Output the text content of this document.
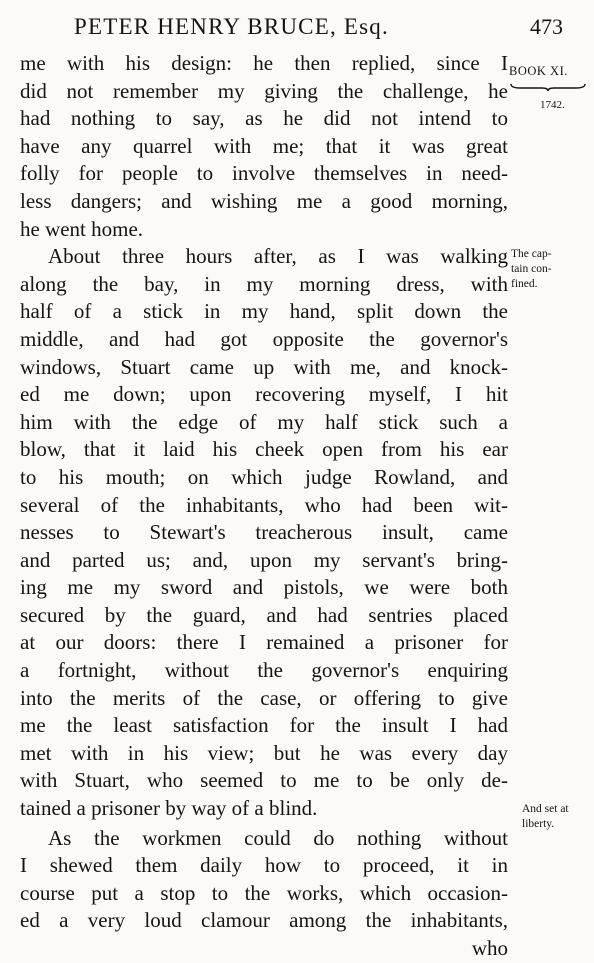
PETER HENRY BRUCE, Esq.	473
BOOK XI.
1742.
The cap-
tain con-
fined.
And set at
liberty.
me with his design: he then replied, since I
did not remember my giving the challenge, he
had nothing to say, as he did not intend to
have any quarrel with me; that it was great
folly for people to involve themselves in need-
less dangers; and wishing me a good morning,
he went home.
About three hours after, as I was walking
along the bay, in my morning dress, with
half of a stick in my hand, split down the
middle, and had got opposite the governor's
windows, Stuart came up with me, and knock-
ed me down; upon recovering myself, I hit
him with the edge of my half stick such a
blow, that it laid his cheek open from his ear
to his mouth; on which judge Rowland, and
several of the inhabitants, who had been wit-
nesses to Stewart's treacherous insult, came
and parted us; and, upon my servant's bring-
ing me my sword and pistols, we were both
secured by the guard, and had sentries placed
at our doors: there I remained a prisoner for
a fortnight, without the governor's enquiring
into the merits of the case, or offering to give
me the least satisfaction for the insult I had
met with in his view; but he was every day
with Stuart, who seemed to me to be only de-
tained a prisoner by way of a blind.
As the workmen could do nothing without
I shewed them daily how to proceed, it in
course put a stop to the works, which occasion-
ed a very loud clamour among the inhabitants,
who
